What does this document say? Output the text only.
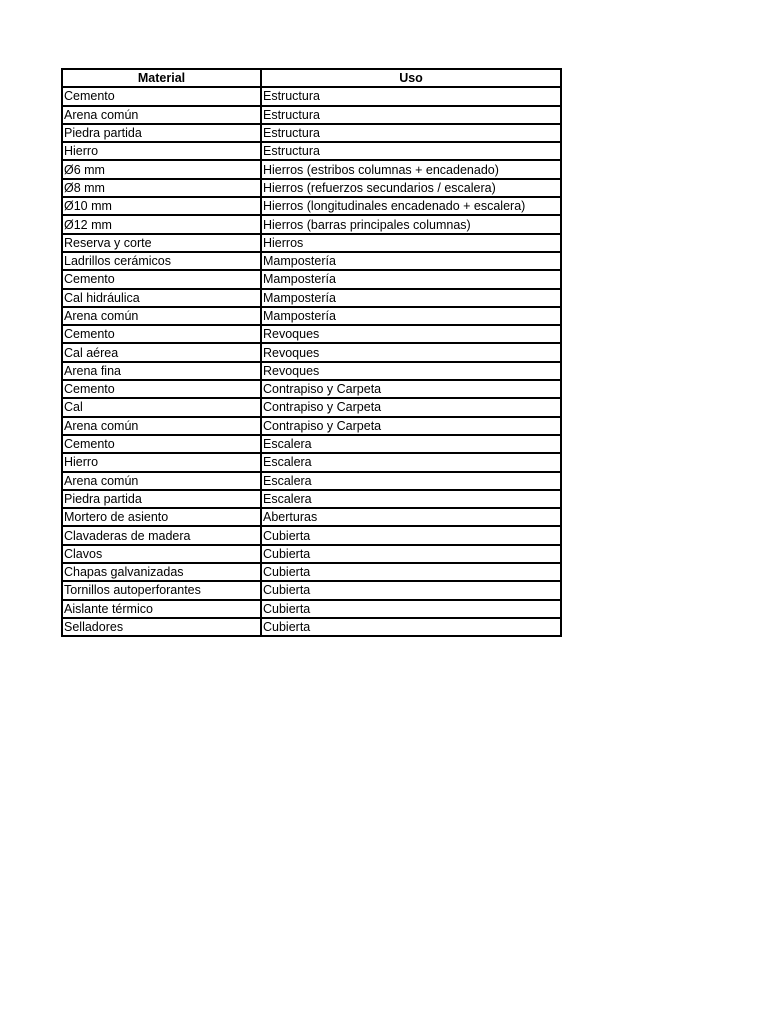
Material	Uso
Cemento	Estructura
Arena común	Estructura
Piedra partida	Estructura
Hierro	Estructura
Ø6 mm	Hierros (estribos columnas + encadenado)
Ø8 mm	Hierros (refuerzos secundarios / escalera)
Ø10 mm	Hierros (longitudinales encadenado + escalera)
Ø12 mm	Hierros (barras principales columnas)
Reserva y corte	Hierros
Ladrillos cerámicos	Mampostería
Cemento	Mampostería
Cal hidráulica	Mampostería
Arena común	Mampostería
Cemento	Revoques
Cal aérea	Revoques
Arena fina	Revoques
Cemento	Contrapiso y Carpeta
Cal	Contrapiso y Carpeta
Arena común	Contrapiso y Carpeta
Cemento	Escalera
Hierro	Escalera
Arena común	Escalera
Piedra partida	Escalera
Mortero de asiento	Aberturas
Clavaderas de madera	Cubierta
Clavos	Cubierta
Chapas galvanizadas	Cubierta
Tornillos autoperforantes	Cubierta
Aislante térmico	Cubierta
Selladores	Cubierta
